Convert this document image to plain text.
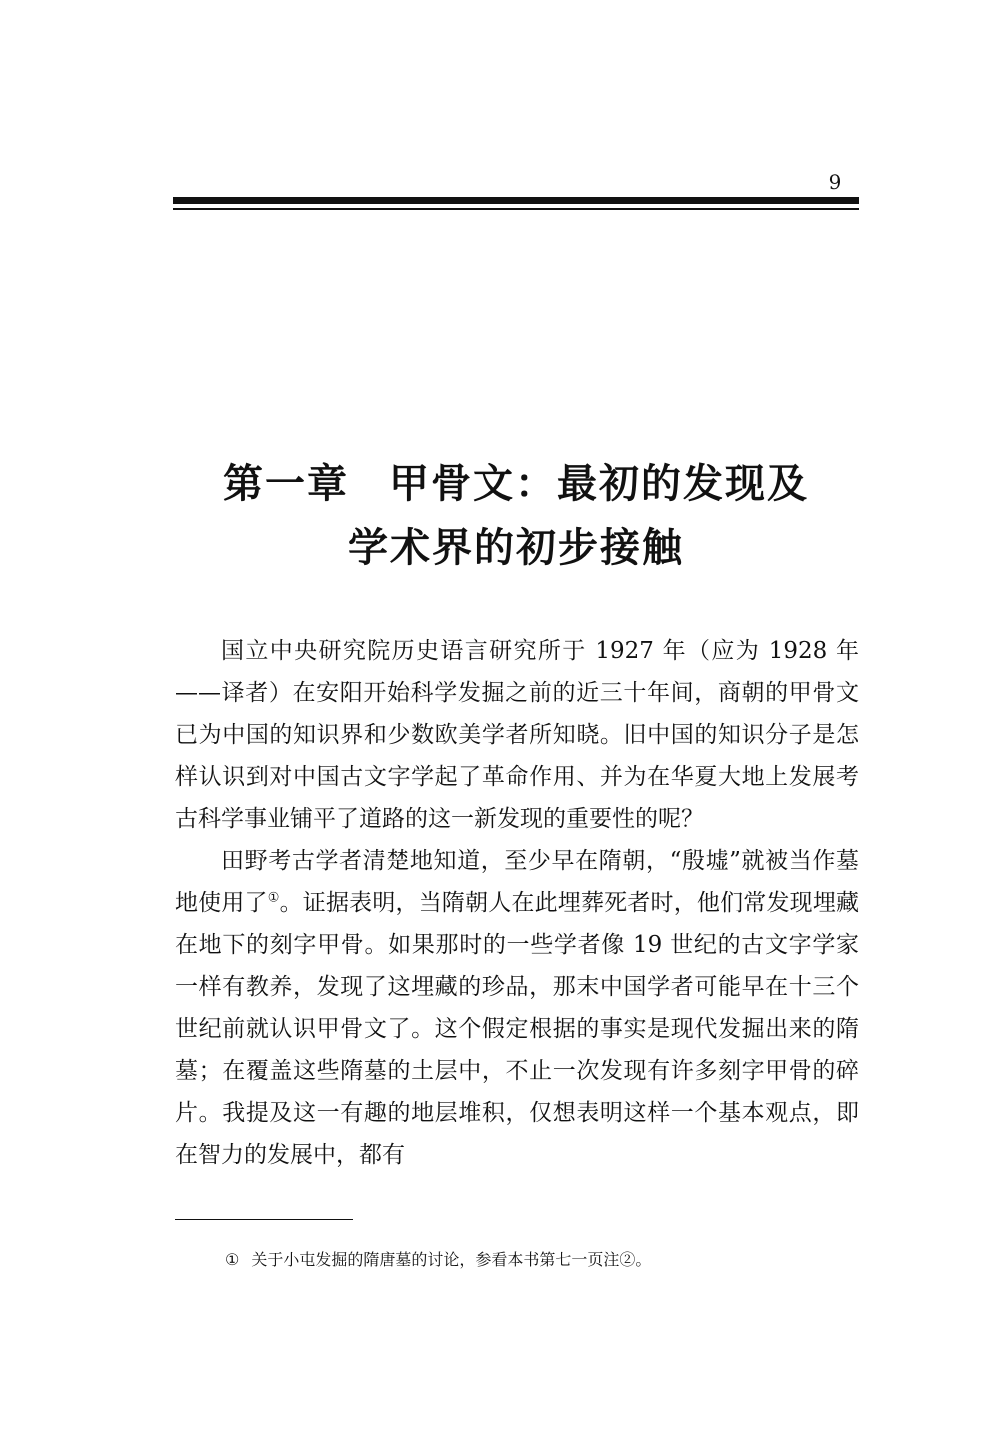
9
第一章 甲骨文：最初的发现及
学术界的初步接触

国立中央研究院历史语言研究所于 1927 年（应为 1928 年——译者）在安阳开始科学发掘之前的近三十年间，商朝的甲骨文已为中国的知识界和少数欧美学者所知晓。旧中国的知识分子是怎样认识到对中国古文字学起了革命作用、并为在华夏大地上发展考古科学事业铺平了道路的这一新发现的重要性的呢？

田野考古学者清楚地知道，至少早在隋朝，“殷墟”就被当作墓地使用了①。证据表明，当隋朝人在此埋葬死者时，他们常发现埋藏在地下的刻字甲骨。如果那时的一些学者像 19 世纪的古文字学家一样有教养，发现了这埋藏的珍品，那末中国学者可能早在十三个世纪前就认识甲骨文了。这个假定根据的事实是现代发掘出来的隋墓；在覆盖这些隋墓的土层中，不止一次发现有许多刻字甲骨的碎片。我提及这一有趣的地层堆积，仅想表明这样一个基本观点，即在智力的发展中，都有

① 关于小屯发掘的隋唐墓的讨论，参看本书第七一页注②。
